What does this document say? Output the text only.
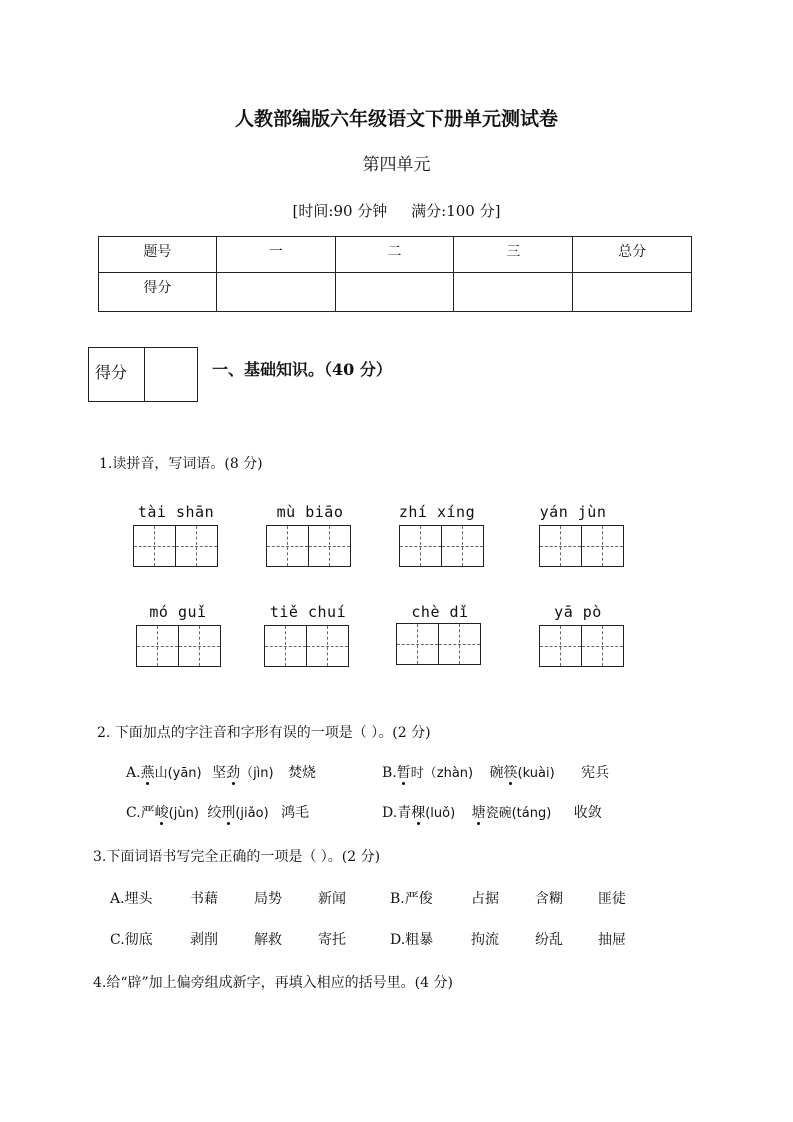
人教部编版六年级语文下册单元测试卷
第四单元
[时间:90 分钟     满分:100 分]
题号	一	二	三	总分
得分				
得分	一、基础知识。（40 分）
1.读拼音，写词语。(8 分)
tài shān	mù biāo	zhí xíng	yán jùn
mó guǐ	tiě chuí	chè dǐ	yā pò
2. 下面加点的字注音和字形有误的一项是（ ）。(2 分)
A.燕山(yān) 坚劲（jìn) 焚烧	B.暂时（zhàn) 碗筷(kuài) 宪兵
C.严峻(jùn) 绞刑(jiǎo) 鸿毛	D.青稞(luǒ) 塘瓷碗(táng) 收敛
3.下面词语书写完全正确的一项是（ ）。(2 分)
A.埋头	书藉	局势	新闻	B.严俊	占据	含糊	匪徒
C.彻底	剥削	解救	寄托	D.粗暴	拘流	纷乱	抽屉
4.给“辟”加上偏旁组成新字，再填入相应的括号里。(4 分)
